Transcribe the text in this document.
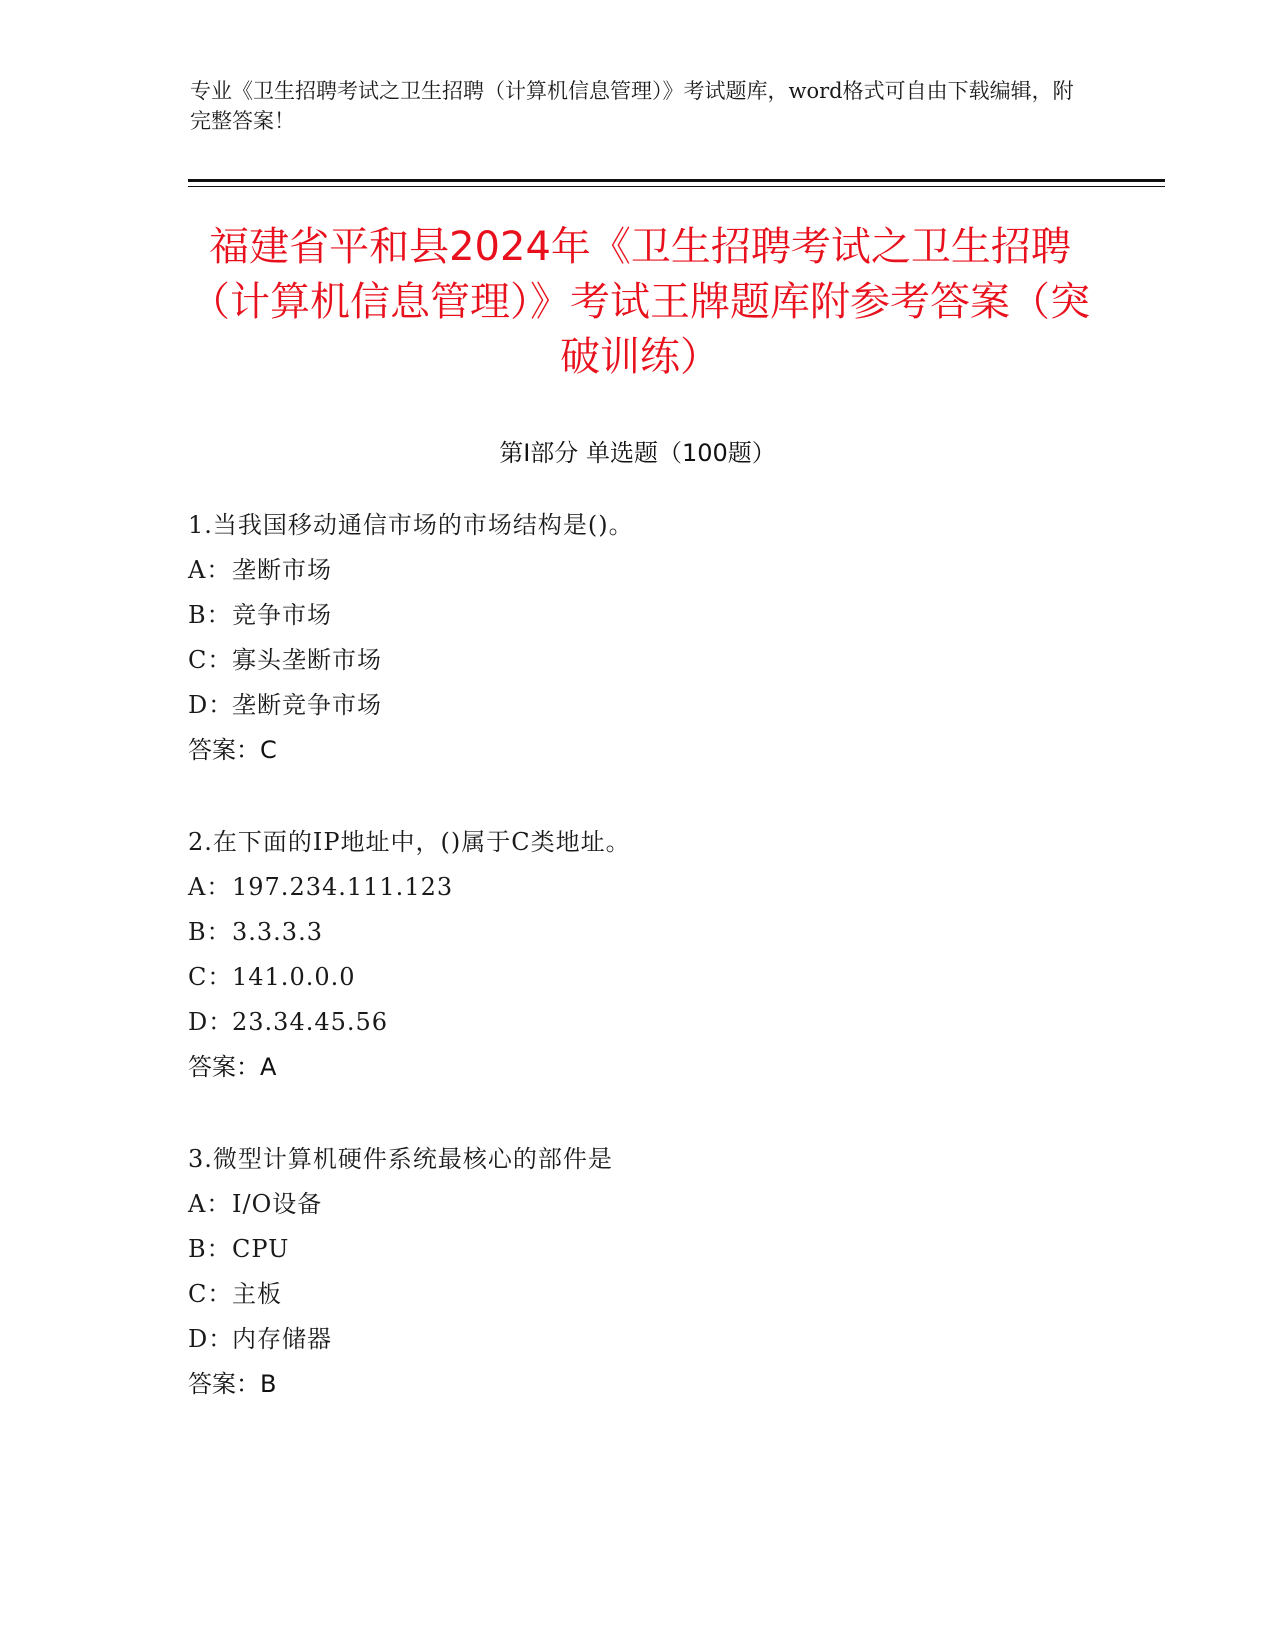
专业《卫生招聘考试之卫生招聘（计算机信息管理）》考试题库，word格式可自由下载编辑，附完整答案！
福建省平和县2024年《卫生招聘考试之卫生招聘（计算机信息管理）》考试王牌题库附参考答案（突破训练）
第I部分 单选题（100题）
1.当我国移动通信市场的市场结构是()。
A：垄断市场
B：竞争市场
C：寡头垄断市场
D：垄断竞争市场
答案：C
2.在下面的IP地址中，()属于C类地址。
A：197.234.111.123
B：3.3.3.3
C：141.0.0.0
D：23.34.45.56
答案：A
3.微型计算机硬件系统最核心的部件是
A：I/O设备
B：CPU
C：主板
D：内存储器
答案：B
